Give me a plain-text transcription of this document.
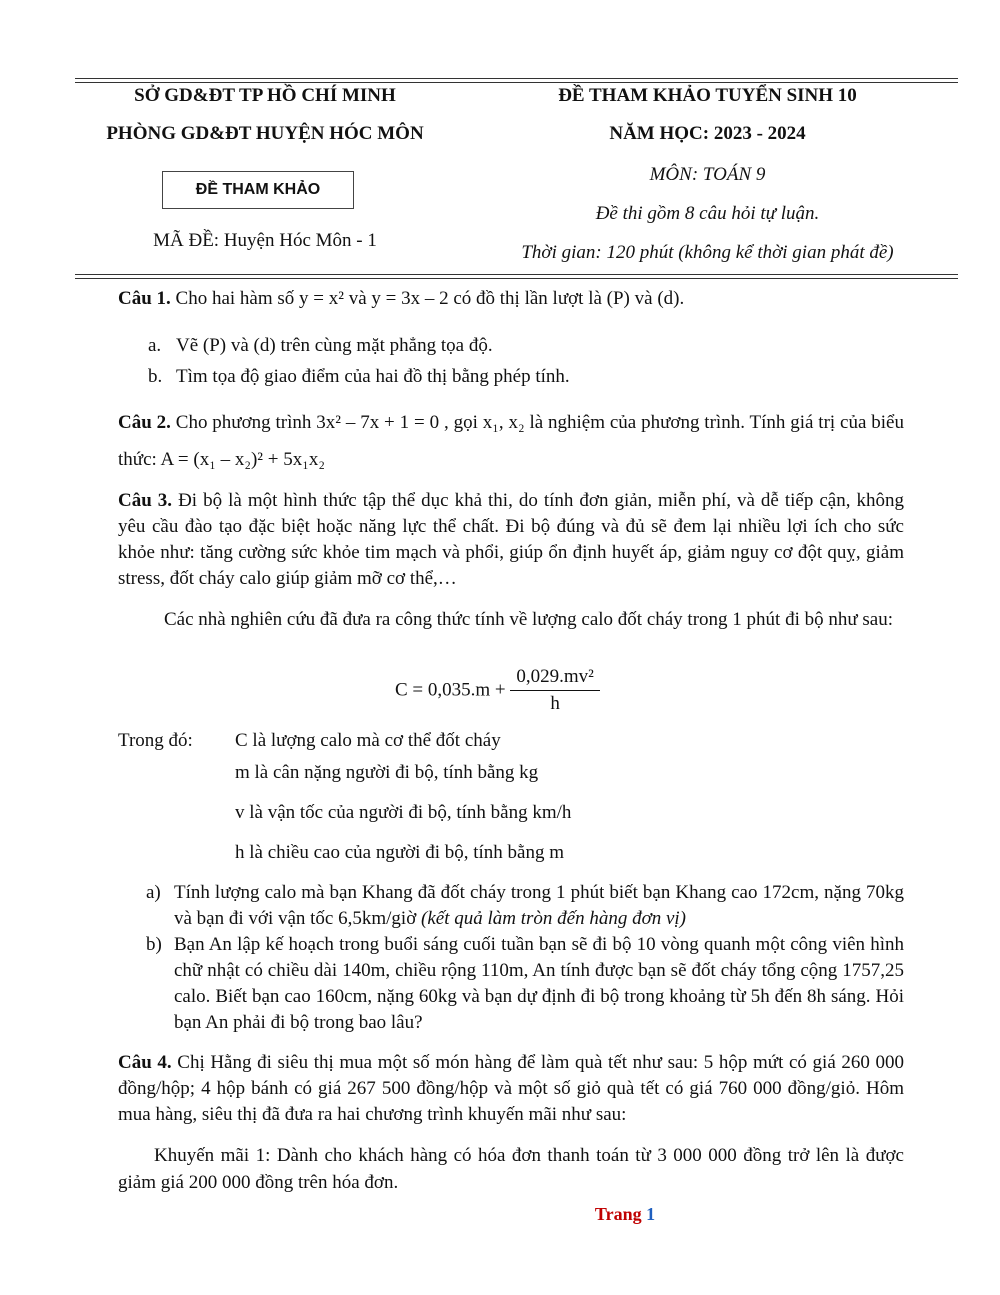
SỞ GD&ĐT TP HỒ CHÍ MINH
PHÒNG GD&ĐT HUYỆN HÓC MÔN
ĐỀ THAM KHẢO
MÃ ĐỀ: Huyện Hóc Môn - 1
ĐỀ THAM KHẢO TUYỂN SINH 10
NĂM HỌC: 2023 - 2024
MÔN: TOÁN 9
Đề thi gồm 8 câu hỏi tự luận.
Thời gian: 120 phút (không kể thời gian phát đề)

Câu 1. Cho hai hàm số y = x² và y = 3x – 2 có đồ thị lần lượt là (P) và (d).

a. Vẽ (P) và (d) trên cùng mặt phẳng tọa độ.
b. Tìm tọa độ giao điểm của hai đồ thị bằng phép tính.

Câu 2. Cho phương trình 3x² – 7x + 1 = 0 , gọi x₁, x₂ là nghiệm của phương trình. Tính giá trị của biểu thức: A = (x₁ – x₂)² + 5x₁x₂

Câu 3. Đi bộ là một hình thức tập thể dục khả thi, do tính đơn giản, miễn phí, và dễ tiếp cận, không yêu cầu đào tạo đặc biệt hoặc năng lực thể chất. Đi bộ đúng và đủ sẽ đem lại nhiều lợi ích cho sức khỏe như: tăng cường sức khỏe tim mạch và phổi, giúp ổn định huyết áp, giảm nguy cơ đột quỵ, giảm stress, đốt cháy calo giúp giảm mỡ cơ thể,…

Các nhà nghiên cứu đã đưa ra công thức tính về lượng calo đốt cháy trong 1 phút đi bộ như sau:

$C = 0,035.m + \frac{\text{0,029.mv²}}{h}$
Trong đó: C là lượng calo mà cơ thể đốt cháy
m là cân nặng người đi bộ, tính bằng kg
v là vận tốc của người đi bộ, tính bằng km/h
h là chiều cao của người đi bộ, tính bằng m
a) Tính lượng calo mà bạn Khang đã đốt cháy trong 1 phút biết bạn Khang cao 172cm, nặng 70kg và bạn đi với vận tốc 6,5km/giờ (kết quả làm tròn đến hàng đơn vị)
b) Bạn An lập kế hoạch trong buổi sáng cuối tuần bạn sẽ đi bộ 10 vòng quanh một công viên hình chữ nhật có chiều dài 140m, chiều rộng 110m, An tính được bạn sẽ đốt cháy tổng cộng 1757,25 calo. Biết bạn cao 160cm, nặng 60kg và bạn dự định đi bộ trong khoảng từ 5h đến 8h sáng. Hỏi bạn An phải đi bộ trong bao lâu?

Câu 4. Chị Hằng đi siêu thị mua một số món hàng để làm quà tết như sau: 5 hộp mứt có giá 260 000 đồng/hộp; 4 hộp bánh có giá 267 500 đồng/hộp và một số giỏ quà tết có giá 760 000 đồng/giỏ. Hôm mua hàng, siêu thị đã đưa ra hai chương trình khuyến mãi như sau:

Khuyến mãi 1: Dành cho khách hàng có hóa đơn thanh toán từ 3 000 000 đồng trở lên là được giảm giá 200 000 đồng trên hóa đơn.

Trang 1
